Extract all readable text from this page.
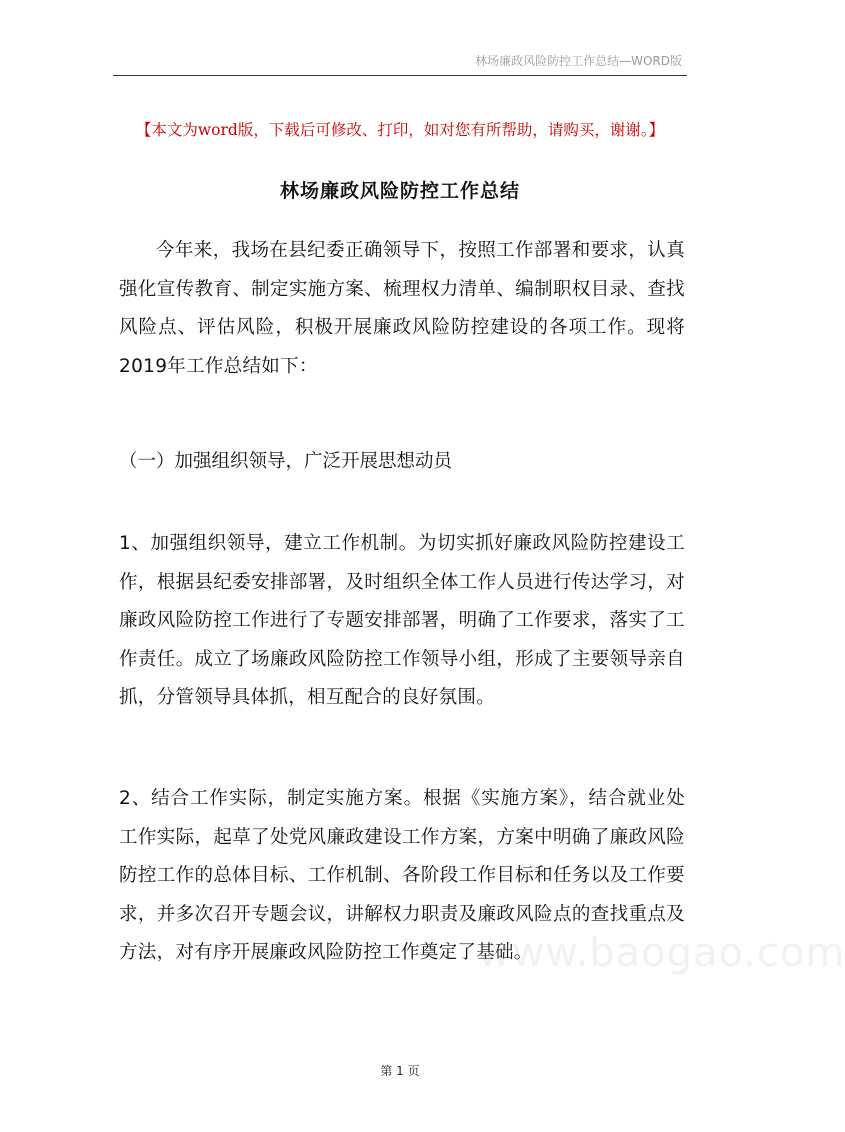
林场廉政风险防控工作总结—WORD版
【本文为word版，下载后可修改、打印，如对您有所帮助，请购买，谢谢。】
林场廉政风险防控工作总结

今年来，我场在县纪委正确领导下，按照工作部署和要求，认真强化宣传教育、制定实施方案、梳理权力清单、编制职权目录、查找风险点、评估风险，积极开展廉政风险防控建设的各项工作。现将2019年工作总结如下：

（一）加强组织领导，广泛开展思想动员

1、加强组织领导，建立工作机制。为切实抓好廉政风险防控建设工作，根据县纪委安排部署，及时组织全体工作人员进行传达学习，对廉政风险防控工作进行了专题安排部署，明确了工作要求，落实了工作责任。成立了场廉政风险防控工作领导小组，形成了主要领导亲自抓，分管领导具体抓，相互配合的良好氛围。

2、结合工作实际，制定实施方案。根据《实施方案》，结合就业处工作实际，起草了处党风廉政建设工作方案，方案中明确了廉政风险防控工作的总体目标、工作机制、各阶段工作目标和任务以及工作要求，并多次召开专题会议，讲解权力职责及廉政风险点的查找重点及方法，对有序开展廉政风险防控工作奠定了基础。

www.baogao.com
第 1 页
